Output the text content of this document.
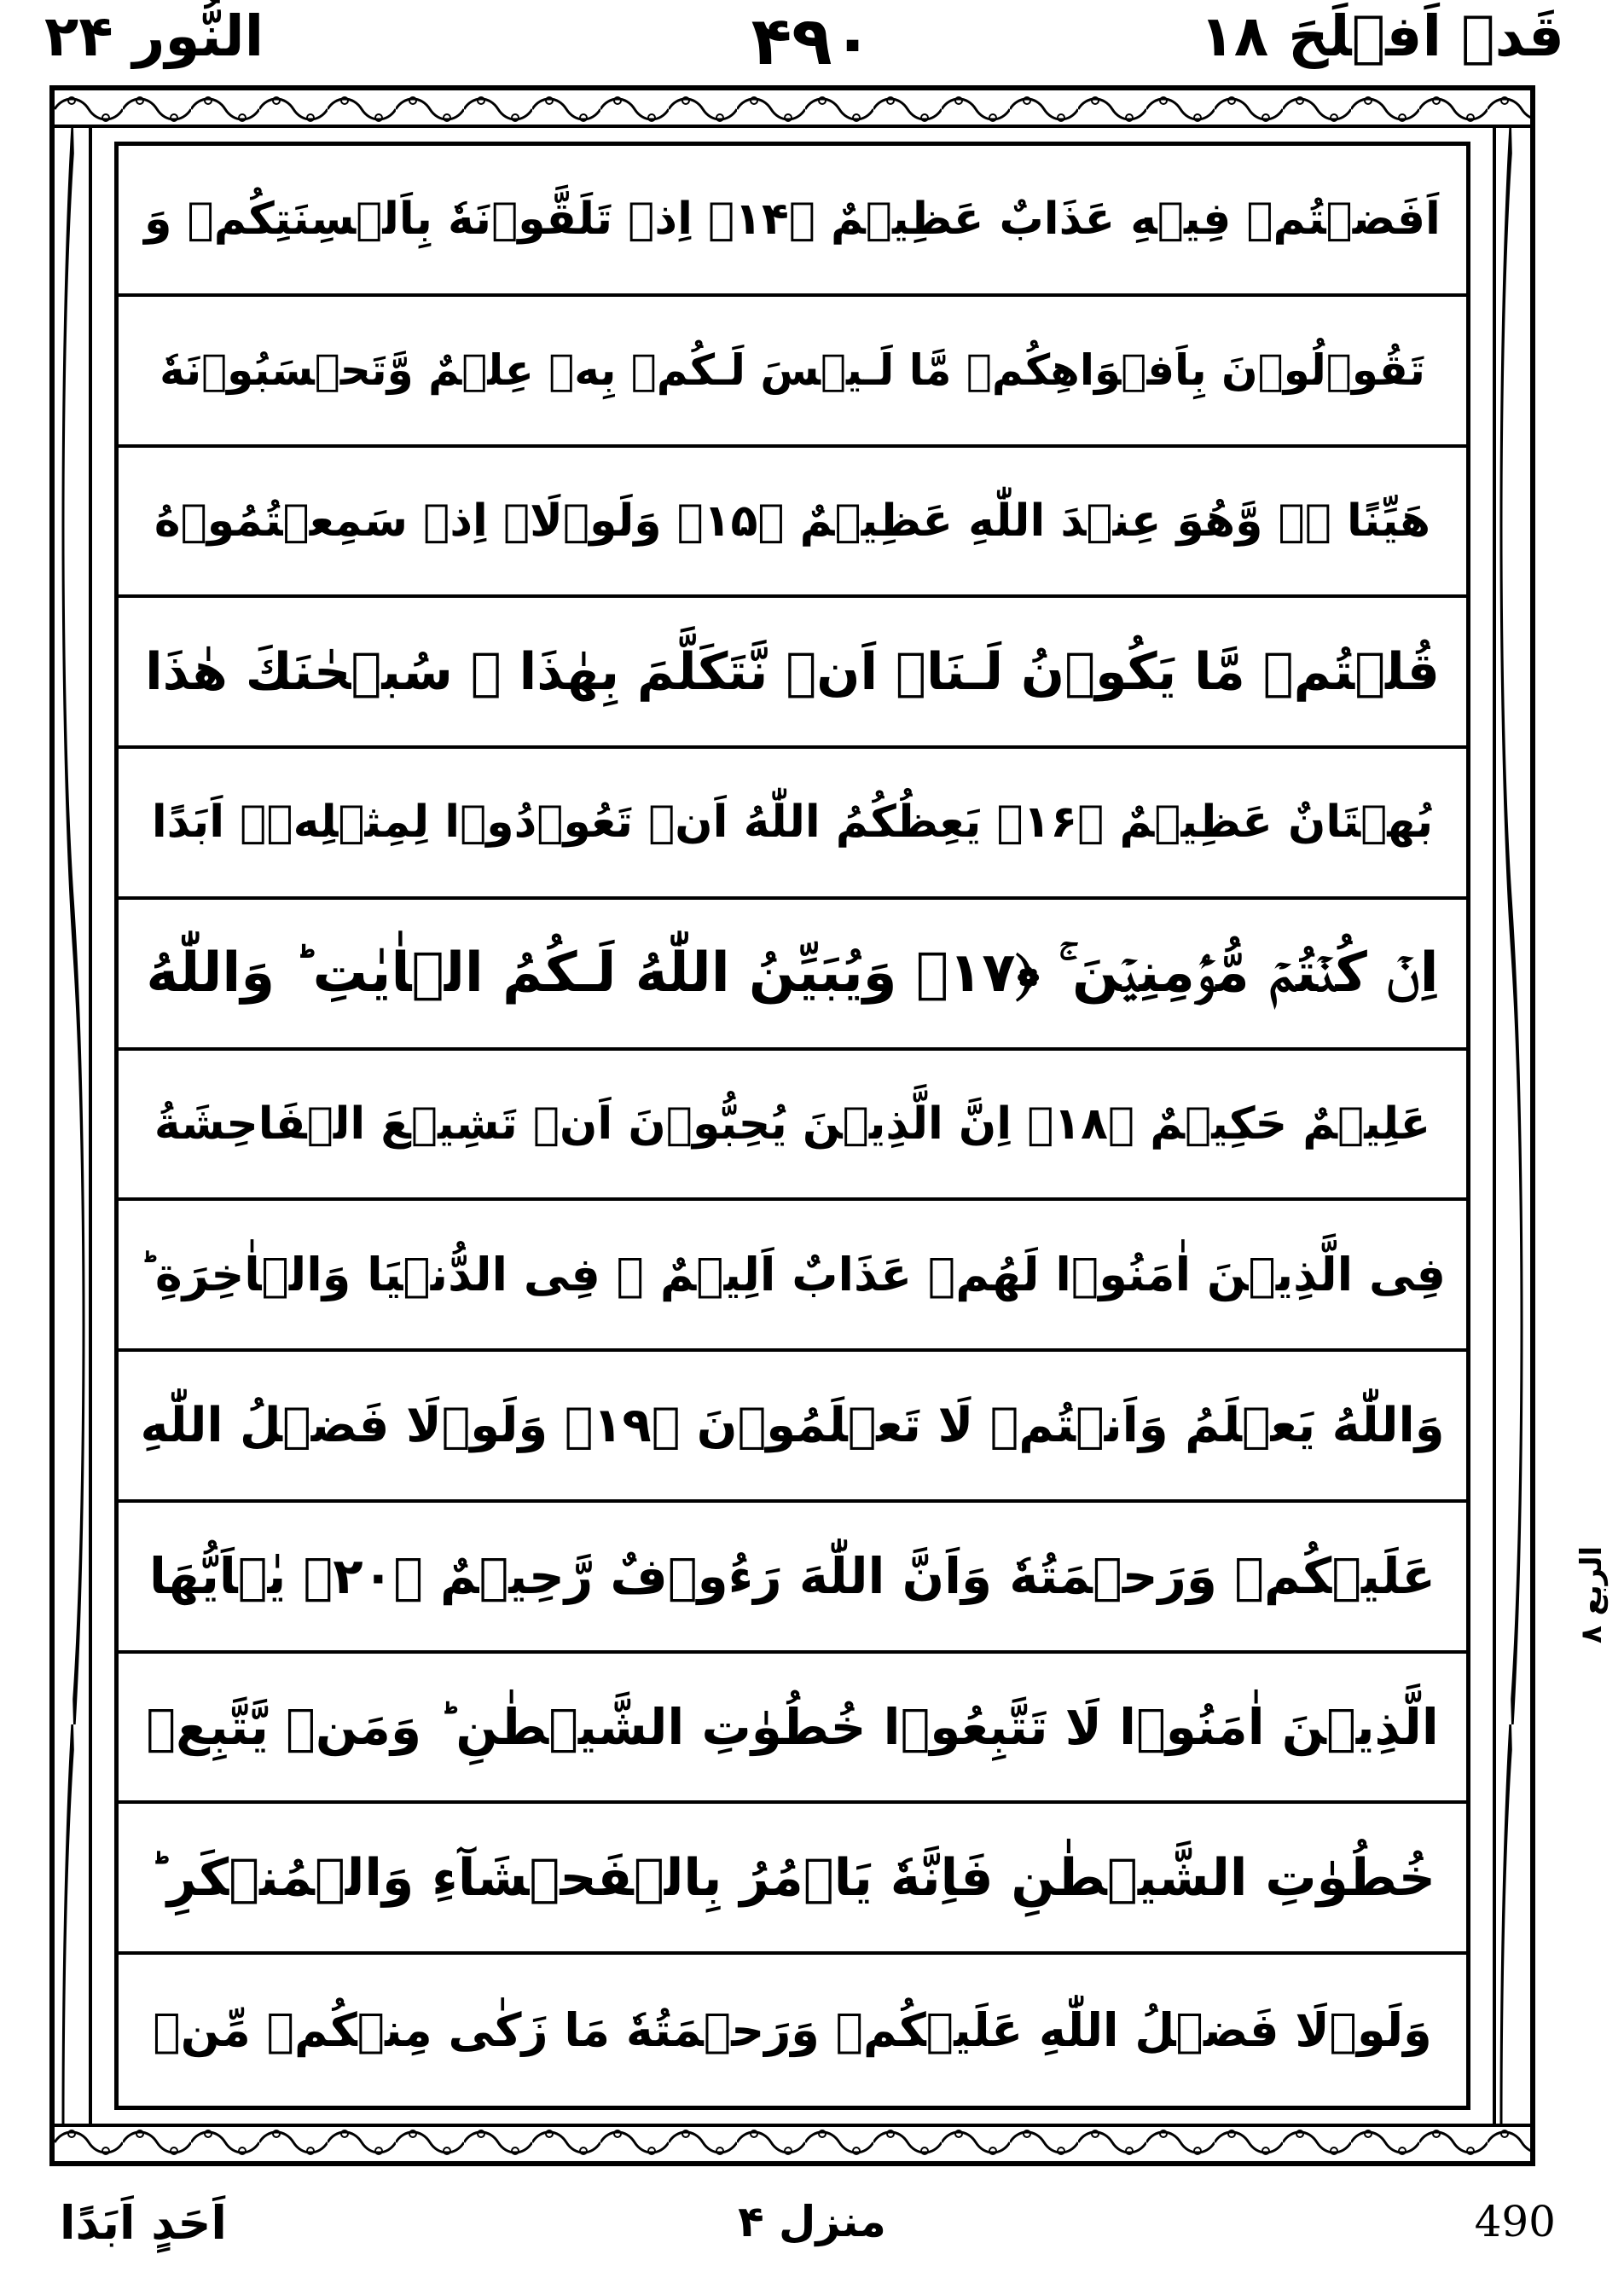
النُّور ۲۴	۴۹۰	قَدۡ اَفۡلَحَ ۱۸
اَفَضۡتُمۡ فِيۡهِ عَذَابٌ عَظِيۡمٌ ﴿۱۴﴾ اِذۡ تَلَقَّوۡنَهٗ بِاَلۡسِنَتِكُمۡ وَ
تَقُوۡلُوۡنَ بِاَفۡوَاهِكُمۡ مَّا لَـيۡسَ لَـكُمۡ بِهٖ عِلۡمٌ وَّتَحۡسَبُوۡنَهٗ
هَيِّنًا ۖۗ وَّهُوَ عِنۡدَ اللّٰهِ عَظِيۡمٌ ﴿۱۵﴾ وَلَوۡلَاۤ اِذۡ سَمِعۡتُمُوۡهُ
قُلۡتُمۡ مَّا يَكُوۡنُ لَـنَاۤ اَنۡ نَّتَكَلَّمَ بِهٰذَا ۖ سُبۡحٰنَكَ هٰذَا
بُهۡتَانٌ عَظِيۡمٌ ﴿۱۶﴾ يَعِظُكُمُ اللّٰهُ اَنۡ تَعُوۡدُوۡا لِمِثۡلِهٖۤ اَبَدًا
اِنۡ كُنۡتُمۡ مُّؤۡمِنِيۡنَ ۚ ﴿۱۷﴾ وَيُبَيِّنُ اللّٰهُ لَـكُمُ الۡاٰيٰتِ ؕ وَاللّٰهُ
عَلِيۡمٌ حَكِيۡمٌ ﴿۱۸﴾ اِنَّ الَّذِيۡنَ يُحِبُّوۡنَ اَنۡ تَشِيۡعَ الۡفَاحِشَةُ
فِى الَّذِيۡنَ اٰمَنُوۡا لَهُمۡ عَذَابٌ اَلِيۡمٌ ۙ فِى الدُّنۡيَا وَالۡاٰخِرَةِ ؕ
وَاللّٰهُ يَعۡلَمُ وَاَنۡتُمۡ لَا تَعۡلَمُوۡنَ ﴿۱۹﴾ وَلَوۡلَا فَضۡلُ اللّٰهِ
عَلَيۡكُمۡ وَرَحۡمَتُهٗ وَاَنَّ اللّٰهَ رَءُوۡفٌ رَّحِيۡمٌ ﴿۲۰﴾ يٰۤاَيُّهَا
الَّذِيۡنَ اٰمَنُوۡا لَا تَتَّبِعُوۡا خُطُوٰتِ الشَّيۡطٰنِ ؕ وَمَنۡ يَّتَّبِعۡ
خُطُوٰتِ الشَّيۡطٰنِ فَاِنَّهٗ يَاۡمُرُ بِالۡفَحۡشَآءِ وَالۡمُنۡكَرِ ؕ
وَلَوۡلَا فَضۡلُ اللّٰهِ عَلَيۡكُمۡ وَرَحۡمَتُهٗ مَا زَكٰى مِنۡكُمۡ مِّنۡ
الربع ۸
اَحَدٍ اَبَدًا	منزل ۴	490
